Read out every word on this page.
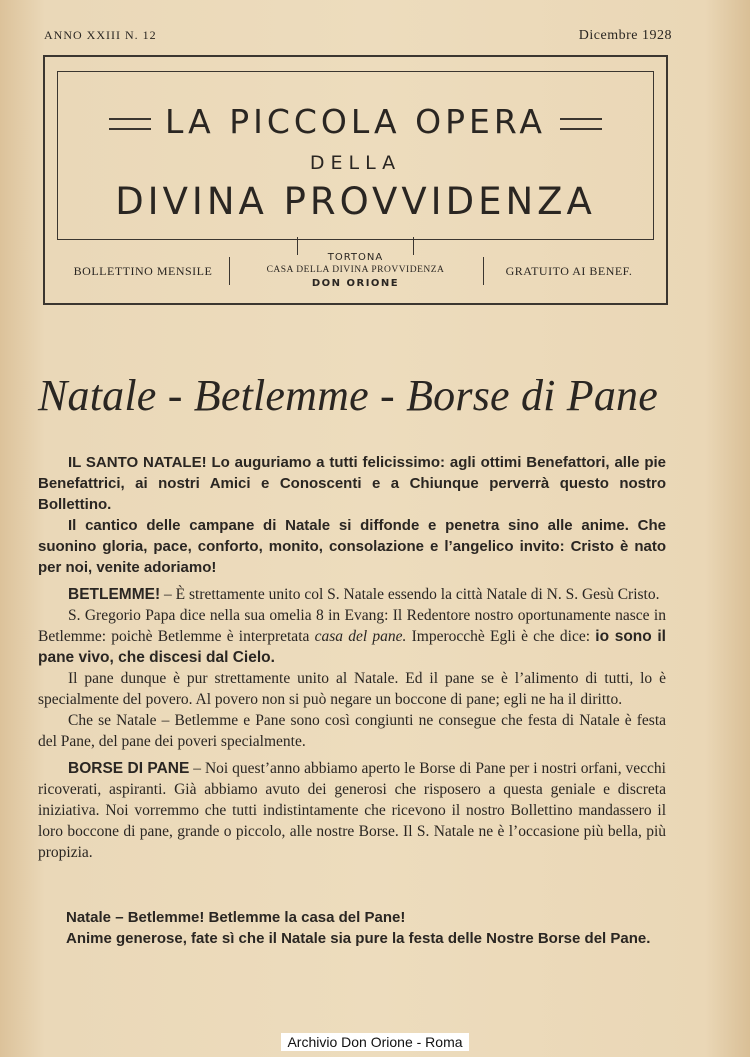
ANNO XXIII N. 12	Dicembre 1928
LA PICCOLA OPERA
DELLA
DIVINA PROVVIDENZA
BOLLETTINO MENSILE
TORTONA
CASA DELLA DIVINA PROVVIDENZA
DON ORIONE
GRATUITO AI BENEF.
Natale - Betlemme - Borse di Pane

IL SANTO NATALE! Lo auguriamo a tutti felicissimo: agli ottimi Benefattori, alle pie Benefattrici, ai nostri Amici e Conoscenti e a Chiunque perverrà questo nostro Bollettino.

Il cantico delle campane di Natale si diffonde e penetra sino alle anime. Che suonino gloria, pace, conforto, monito, consolazione e l’angelico invito: Cristo è nato per noi, venite adoriamo!

BETLEMME! – È strettamente unito col S. Natale essendo la città Natale di N. S. Gesù Cristo.

S. Gregorio Papa dice nella sua omelia 8 in Evang: Il Redentore nostro oportunamente nasce in Betlemme: poichè Betlemme è interpretata casa del pane. Imperocchè Egli è che dice: io sono il pane vivo, che discesi dal Cielo.

Il pane dunque è pur strettamente unito al Natale. Ed il pane se è l’alimento di tutti, lo è specialmente del povero. Al povero non si può negare un boccone di pane; egli ne ha il diritto.

Che se Natale – Betlemme e Pane sono così congiunti ne consegue che festa di Natale è festa del Pane, del pane dei poveri specialmente.

BORSE DI PANE – Noi quest’anno abbiamo aperto le Borse di Pane per i nostri orfani, vecchi ricoverati, aspiranti. Già abbiamo avuto dei generosi che risposero a questa geniale e discreta iniziativa. Noi vorremmo che tutti indistintamente che ricevono il nostro Bollettino mandassero il loro boccone di pane, grande o piccolo, alle nostre Borse. Il S. Natale ne è l’occasione più bella, più propizia.

Natale – Betlemme! Betlemme la casa del Pane!

Anime generose, fate sì che il Natale sia pure la festa delle Nostre Borse del Pane.

Archivio Don Orione - Roma
